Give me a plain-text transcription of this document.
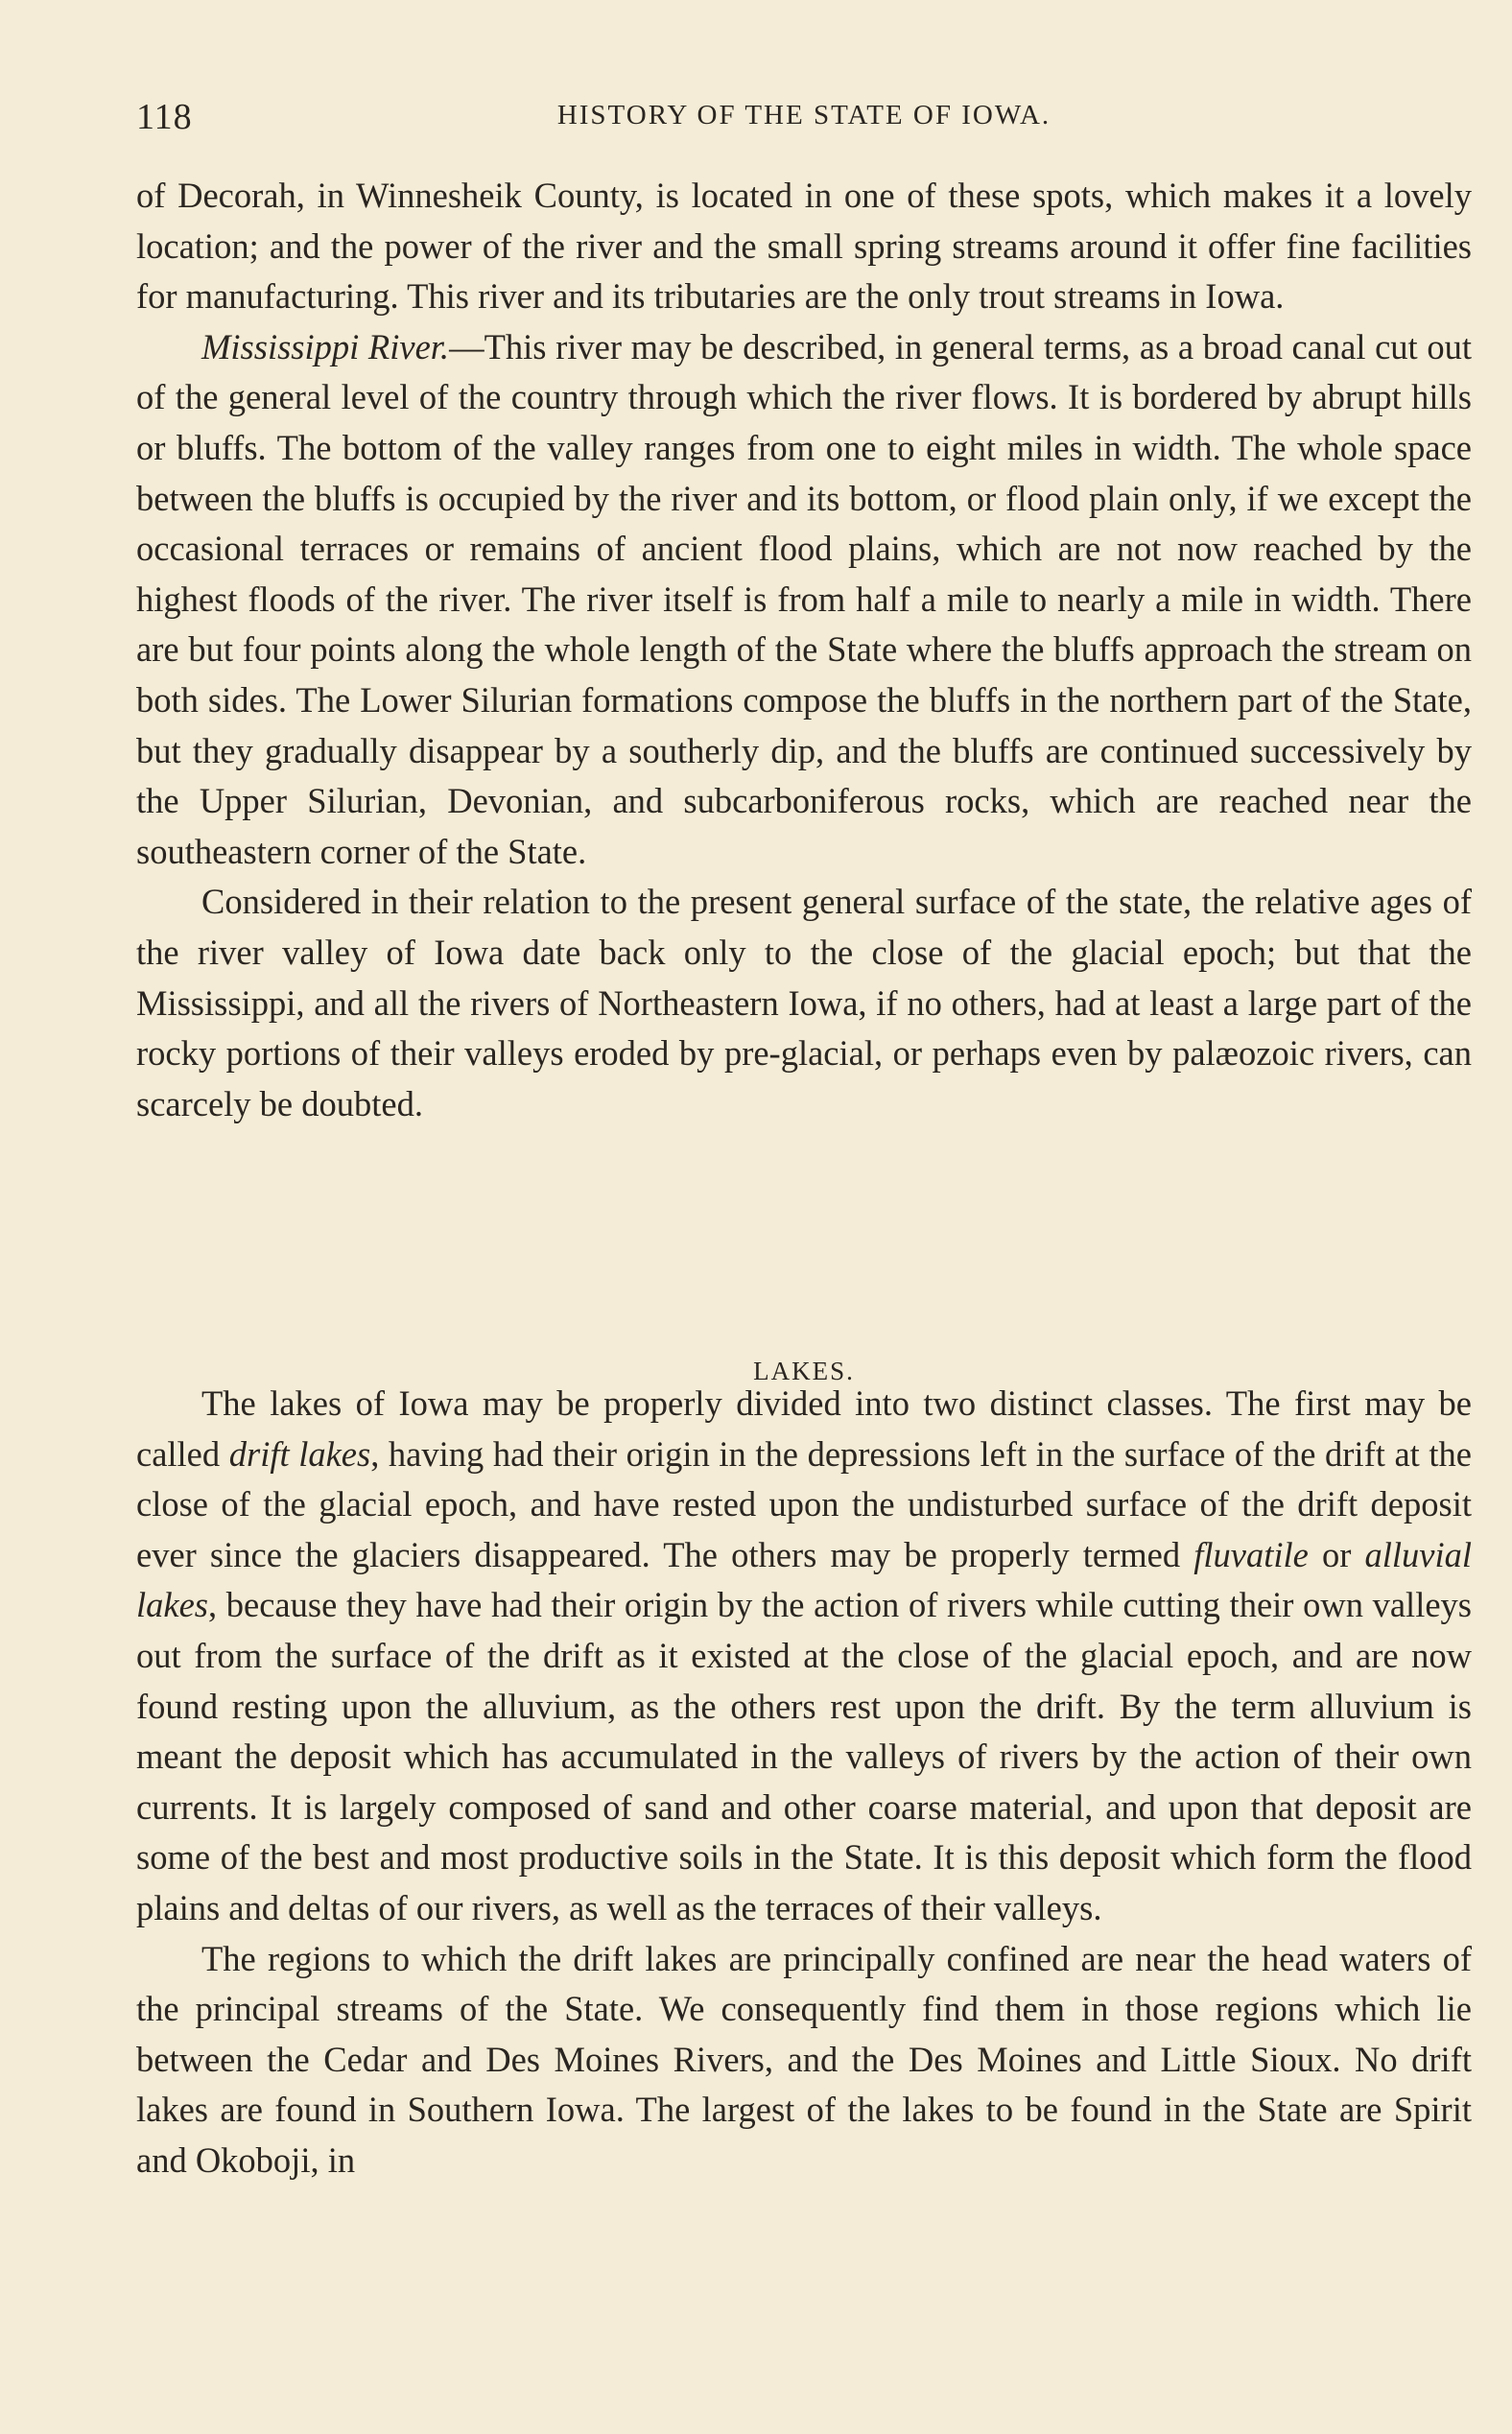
118	HISTORY OF THE STATE OF IOWA.

of Decorah, in Winnesheik County, is located in one of these spots, which makes it a lovely location; and the power of the river and the small spring streams around it offer fine facilities for manufacturing. This river and its tributaries are the only trout streams in Iowa.

Mississippi River.—This river may be described, in general terms, as a broad canal cut out of the general level of the country through which the river flows. It is bordered by abrupt hills or bluffs. The bottom of the valley ranges from one to eight miles in width. The whole space between the bluffs is occupied by the river and its bottom, or flood plain only, if we except the occasional terraces or remains of ancient flood plains, which are not now reached by the highest floods of the river. The river itself is from half a mile to nearly a mile in width. There are but four points along the whole length of the State where the bluffs approach the stream on both sides. The Lower Silurian formations compose the bluffs in the northern part of the State, but they gradually disappear by a southerly dip, and the bluffs are continued successively by the Upper Silurian, Devonian, and subcarboniferous rocks, which are reached near the southeastern corner of the State.

Considered in their relation to the present general surface of the state, the relative ages of the river valley of Iowa date back only to the close of the glacial epoch; but that the Mississippi, and all the rivers of Northeastern Iowa, if no others, had at least a large part of the rocky portions of their valleys eroded by pre-glacial, or perhaps even by palæozoic rivers, can scarcely be doubted.

LAKES.

The lakes of Iowa may be properly divided into two distinct classes. The first may be called drift lakes, having had their origin in the depressions left in the surface of the drift at the close of the glacial epoch, and have rested upon the undisturbed surface of the drift deposit ever since the glaciers disappeared. The others may be properly termed fluvatile or alluvial lakes, because they have had their origin by the action of rivers while cutting their own valleys out from the surface of the drift as it existed at the close of the glacial epoch, and are now found resting upon the alluvium, as the others rest upon the drift. By the term alluvium is meant the deposit which has accumulated in the valleys of rivers by the action of their own currents. It is largely composed of sand and other coarse material, and upon that deposit are some of the best and most productive soils in the State. It is this deposit which form the flood plains and deltas of our rivers, as well as the terraces of their valleys.

The regions to which the drift lakes are principally confined are near the head waters of the principal streams of the State. We consequently find them in those regions which lie between the Cedar and Des Moines Rivers, and the Des Moines and Little Sioux. No drift lakes are found in Southern Iowa. The largest of the lakes to be found in the State are Spirit and Okoboji, in
